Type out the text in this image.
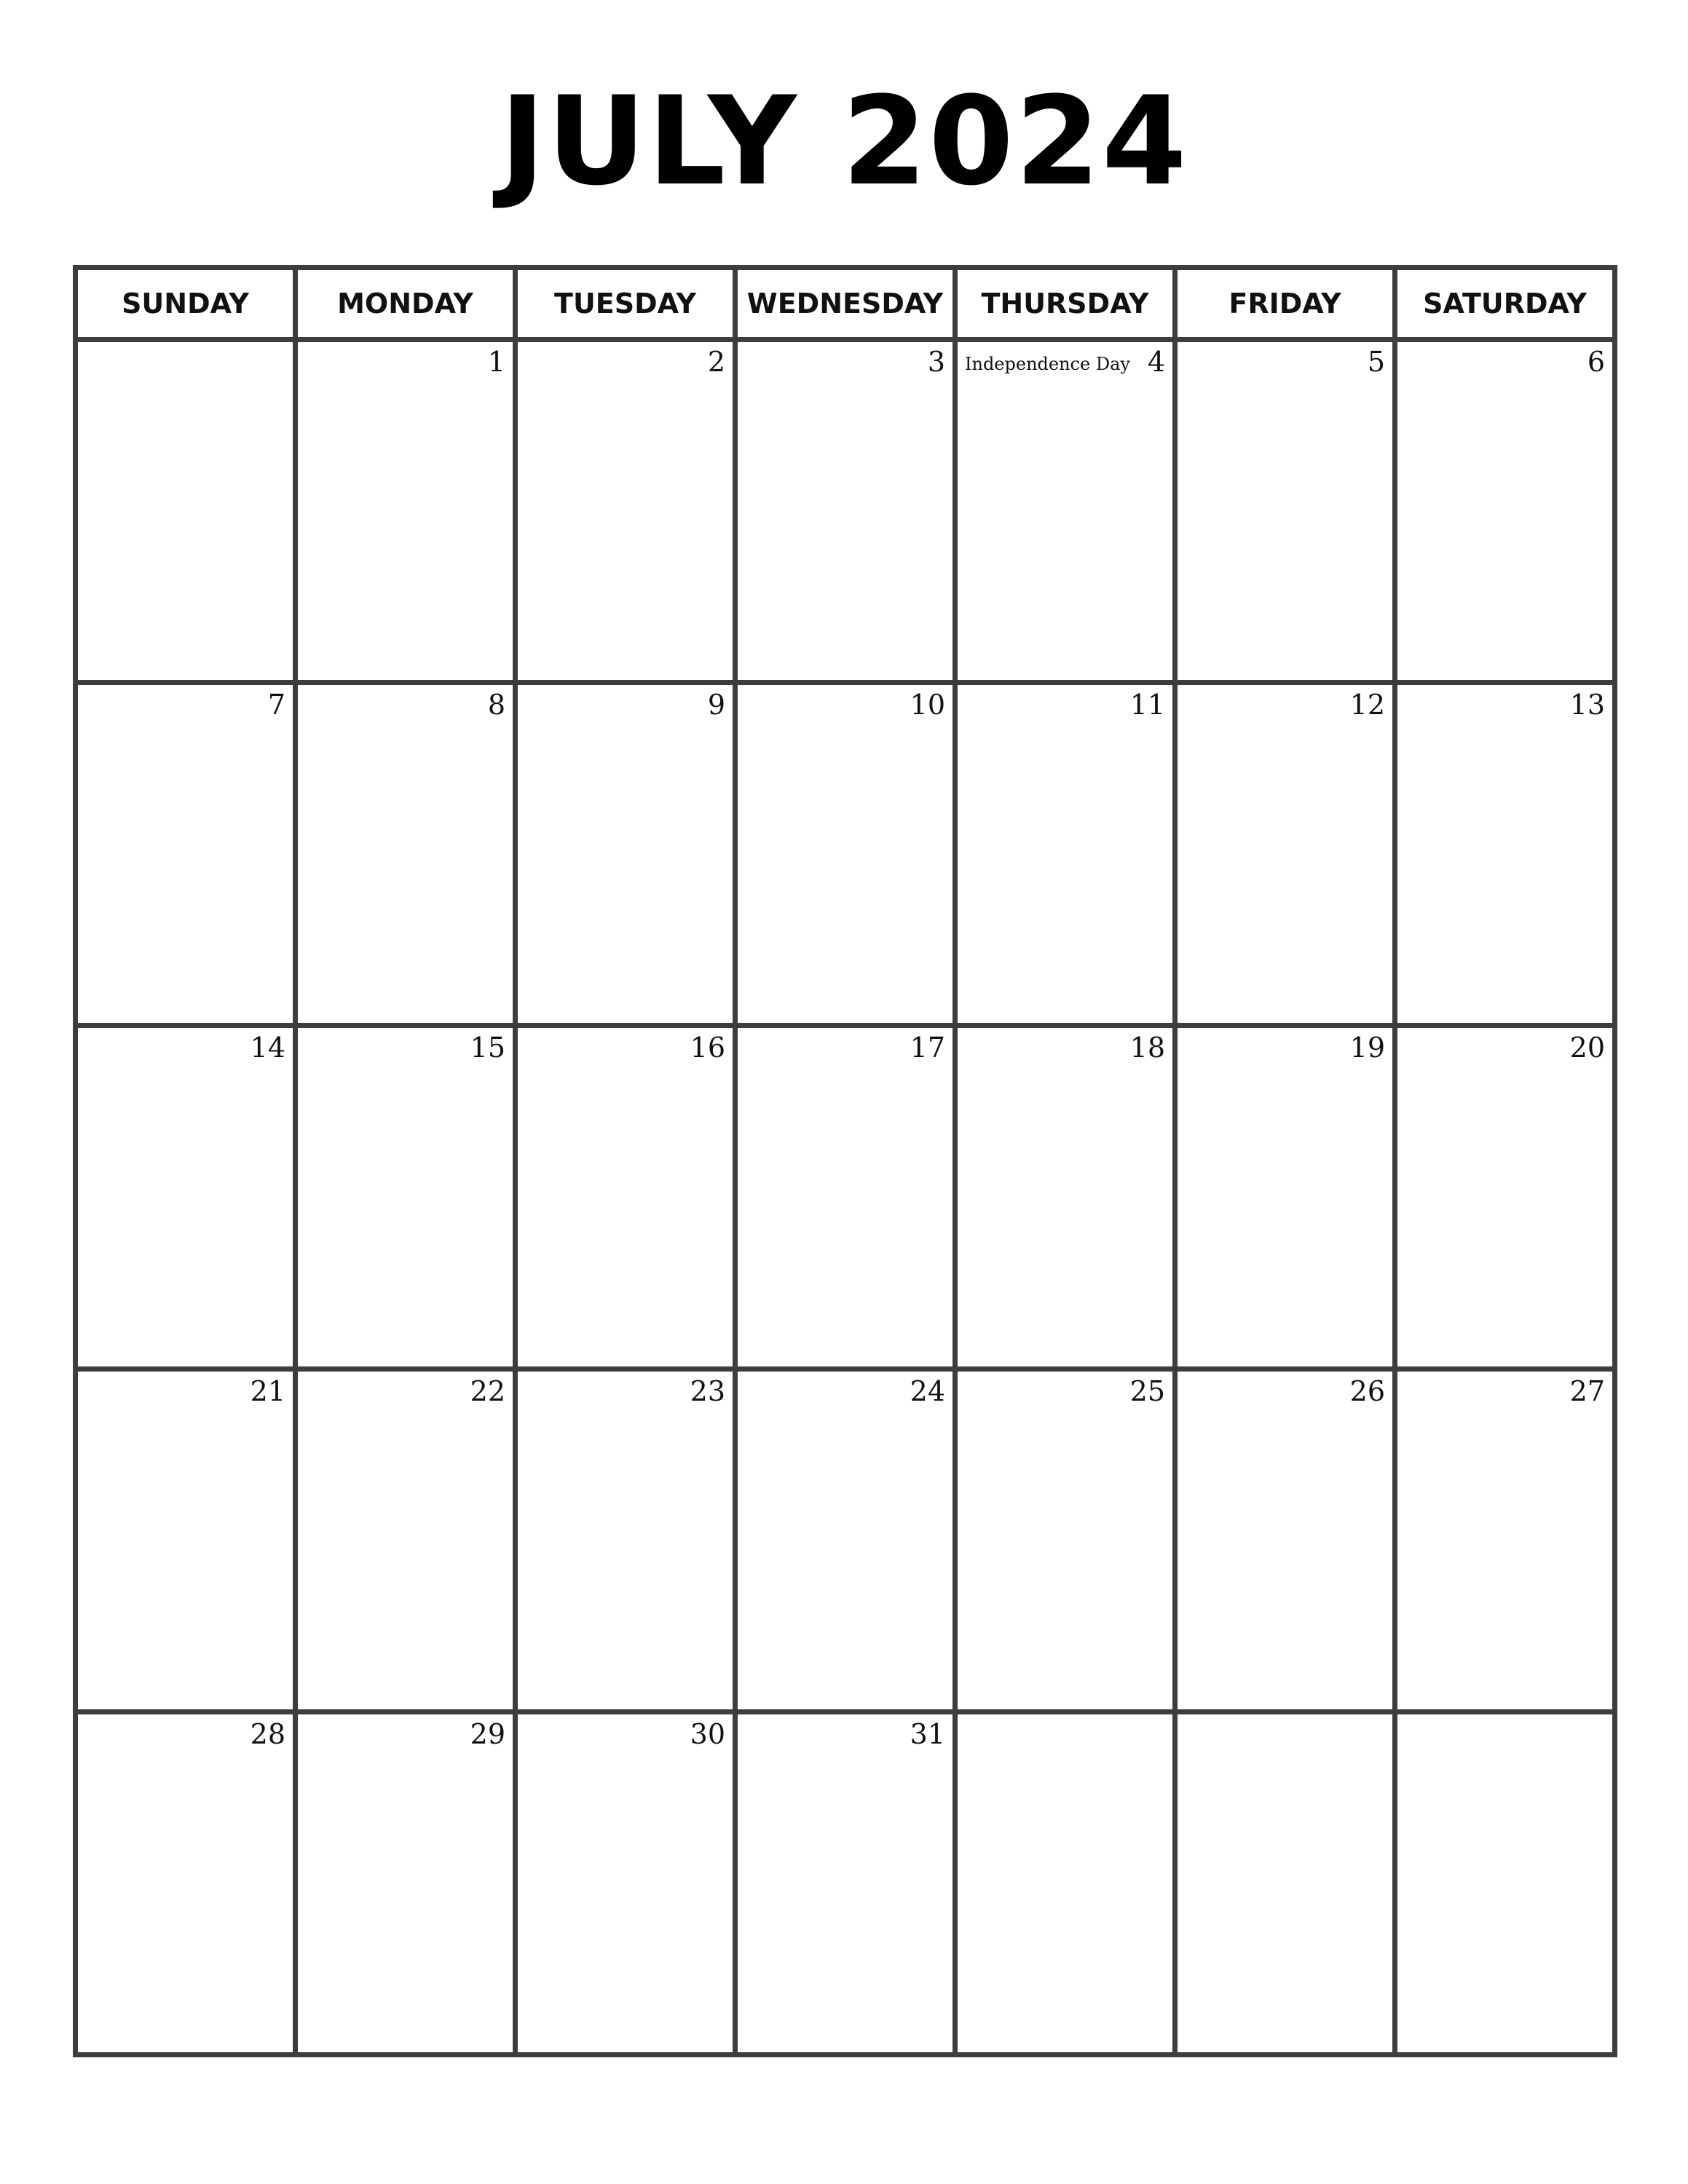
JULY 2024
SUNDAY	MONDAY	TUESDAY	WEDNESDAY	THURSDAY	FRIDAY	SATURDAY

	1	2	3	Independence Day 4	5	6

7	8	9	10	11	12	13

14	15	16	17	18	19	20

21	22	23	24	25	26	27

28	29	30	31			
